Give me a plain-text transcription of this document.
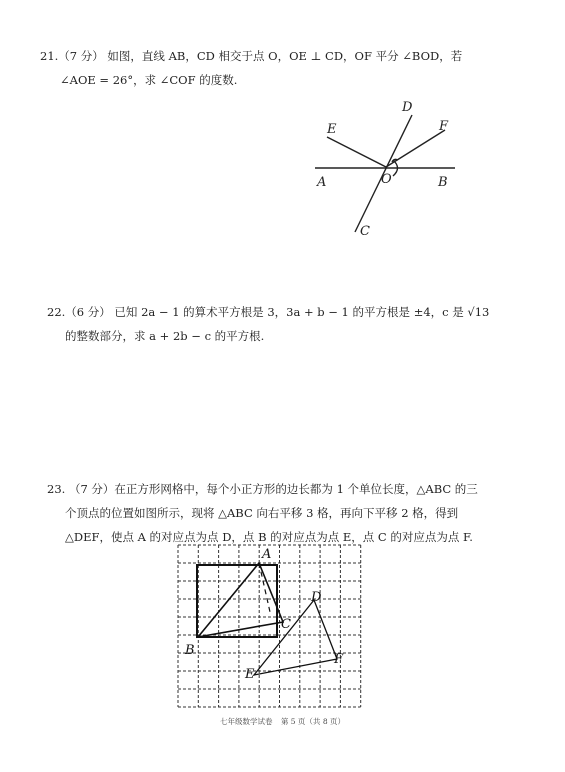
21.（7 分） 如图，直线 AB，CD 相交于点 O，OE ⊥ CD，OF 平分 ∠BOD，若
∠AOE = 26°，求 ∠COF 的度数.
D
E	F
A	O	B
C
22.（6 分） 已知 2a − 1 的算术平方根是 3，3a + b − 1 的平方根是 ±4，c 是 √13
的整数部分，求 a + 2b − c 的平方根.
23. （7 分）在正方形网格中，每个小正方形的边长都为 1 个单位长度，△ABC 的三
个顶点的位置如图所示，现将 △ABC 向右平移 3 格，再向下平移 2 格，得到
△DEF，使点 A 的对应点为点 D，点 B 的对应点为点 E，点 C 的对应点为点 F.
A
B
C
D
E
F
七年级数学试卷 第 5 页（共 8 页）
